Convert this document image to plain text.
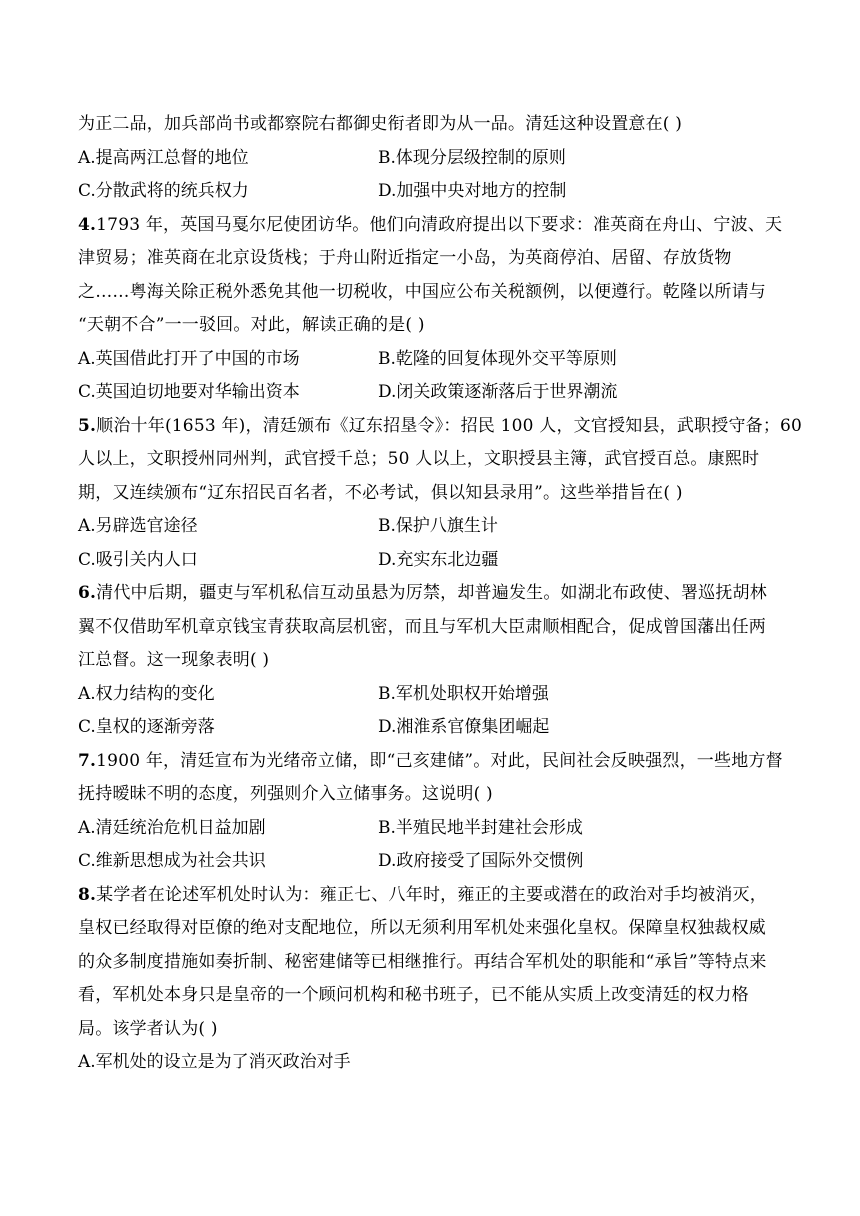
为正二品，加兵部尚书或都察院右都御史衔者即为从一品。清廷这种设置意在( )
A.提高两江总督的地位	B.体现分层级控制的原则
C.分散武将的统兵权力	D.加强中央对地方的控制
4.1793 年，英国马戛尔尼使团访华。他们向清政府提出以下要求：准英商在舟山、宁波、天
津贸易；准英商在北京设货栈；于舟山附近指定一小岛，为英商停泊、居留、存放货物
之……粤海关除正税外悉免其他一切税收，中国应公布关税额例，以便遵行。乾隆以所请与
“天朝不合”一一驳回。对此，解读正确的是( )
A.英国借此打开了中国的市场	B.乾隆的回复体现外交平等原则
C.英国迫切地要对华输出资本	D.闭关政策逐渐落后于世界潮流
5.顺治十年(1653 年)，清廷颁布《辽东招垦令》：招民 100 人，文官授知县，武职授守备；60
人以上，文职授州同州判，武官授千总；50 人以上，文职授县主簿，武官授百总。康熙时
期，又连续颁布“辽东招民百名者，不必考试，俱以知县录用”。这些举措旨在( )
A.另辟选官途径	B.保护八旗生计
C.吸引关内人口	D.充实东北边疆
6.清代中后期，疆吏与军机私信互动虽悬为厉禁，却普遍发生。如湖北布政使、署巡抚胡林
翼不仅借助军机章京钱宝青获取高层机密，而且与军机大臣肃顺相配合，促成曾国藩出任两
江总督。这一现象表明( )
A.权力结构的变化	B.军机处职权开始增强
C.皇权的逐渐旁落	D.湘淮系官僚集团崛起
7.1900 年，清廷宣布为光绪帝立储，即“己亥建储”。对此，民间社会反映强烈，一些地方督
抚持暧昧不明的态度，列强则介入立储事务。这说明( )
A.清廷统治危机日益加剧	B.半殖民地半封建社会形成
C.维新思想成为社会共识	D.政府接受了国际外交惯例
8.某学者在论述军机处时认为：雍正七、八年时，雍正的主要或潜在的政治对手均被消灭，
皇权已经取得对臣僚的绝对支配地位，所以无须利用军机处来强化皇权。保障皇权独裁权威
的众多制度措施如奏折制、秘密建储等已相继推行。再结合军机处的职能和“承旨”等特点来
看，军机处本身只是皇帝的一个顾问机构和秘书班子，已不能从实质上改变清廷的权力格
局。该学者认为( )
A.军机处的设立是为了消灭政治对手
